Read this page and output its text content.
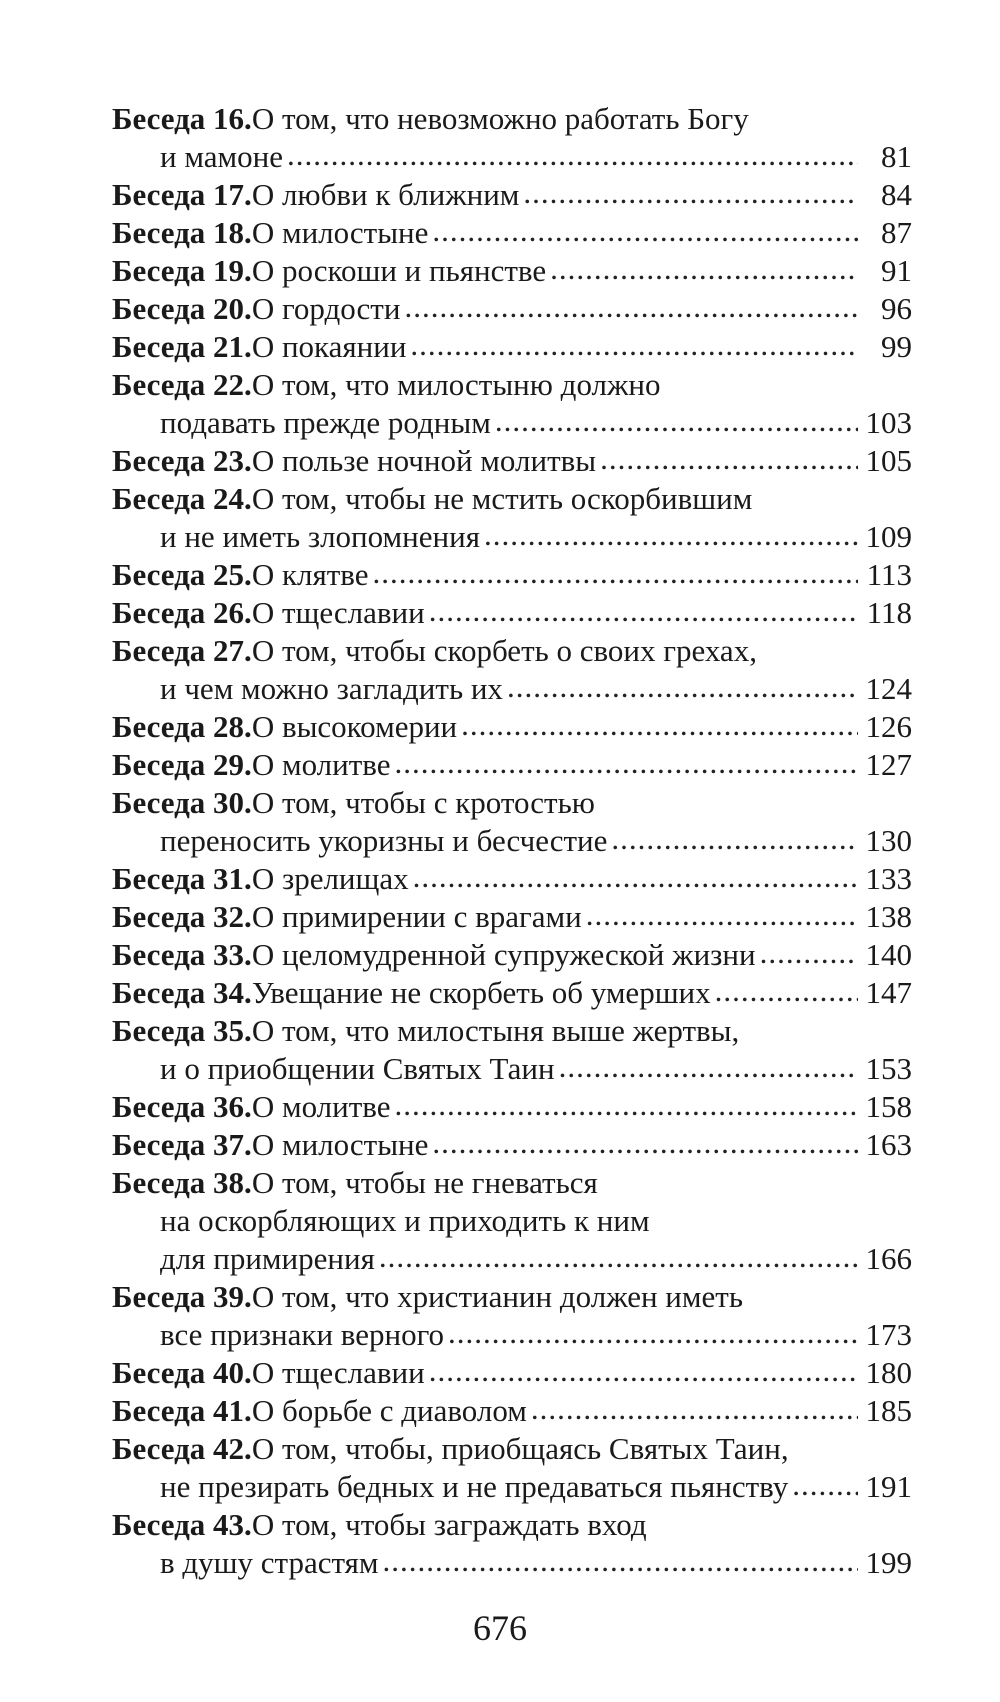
Беседа 16. О том, что невозможно работать Богу
и мамоне .....	81
Беседа 17. О любви к ближним .....	84
Беседа 18. О милостыне .....	87
Беседа 19. О роскоши и пьянстве .....	91
Беседа 20. О гордости .....	96
Беседа 21. О покаянии .....	99
Беседа 22. О том, что милостыню должно
подавать прежде родным .....	103
Беседа 23. О пользе ночной молитвы .....	105
Беседа 24. О том, чтобы не мстить оскорбившим
и не иметь злопомнения .....	109
Беседа 25. О клятве .....	113
Беседа 26. О тщеславии .....	118
Беседа 27. О том, чтобы скорбеть о своих грехах,
и чем можно загладить их .....	124
Беседа 28. О высокомерии .....	126
Беседа 29. О молитве .....	127
Беседа 30. О том, чтобы с кротостью
переносить укоризны и бесчестие .....	130
Беседа 31. О зрелищах .....	133
Беседа 32. О примирении с врагами .....	138
Беседа 33. О целомудренной супружеской жизни .....	140
Беседа 34. Увещание не скорбеть об умерших .....	147
Беседа 35. О том, что милостыня выше жертвы,
и о приобщении Святых Таин .....	153
Беседа 36. О молитве .....	158
Беседа 37. О милостыне .....	163
Беседа 38. О том, чтобы не гневаться
на оскорбляющих и приходить к ним
для примирения .....	166
Беседа 39. О том, что христианин должен иметь
все признаки верного .....	173
Беседа 40. О тщеславии .....	180
Беседа 41. О борьбе с диаволом .....	185
Беседа 42. О том, чтобы, приобщаясь Святых Таин,
не презирать бедных и не предаваться пьянству ..... 191
Беседа 43. О том, чтобы заграждать вход
в душу страстям .....	199
676
